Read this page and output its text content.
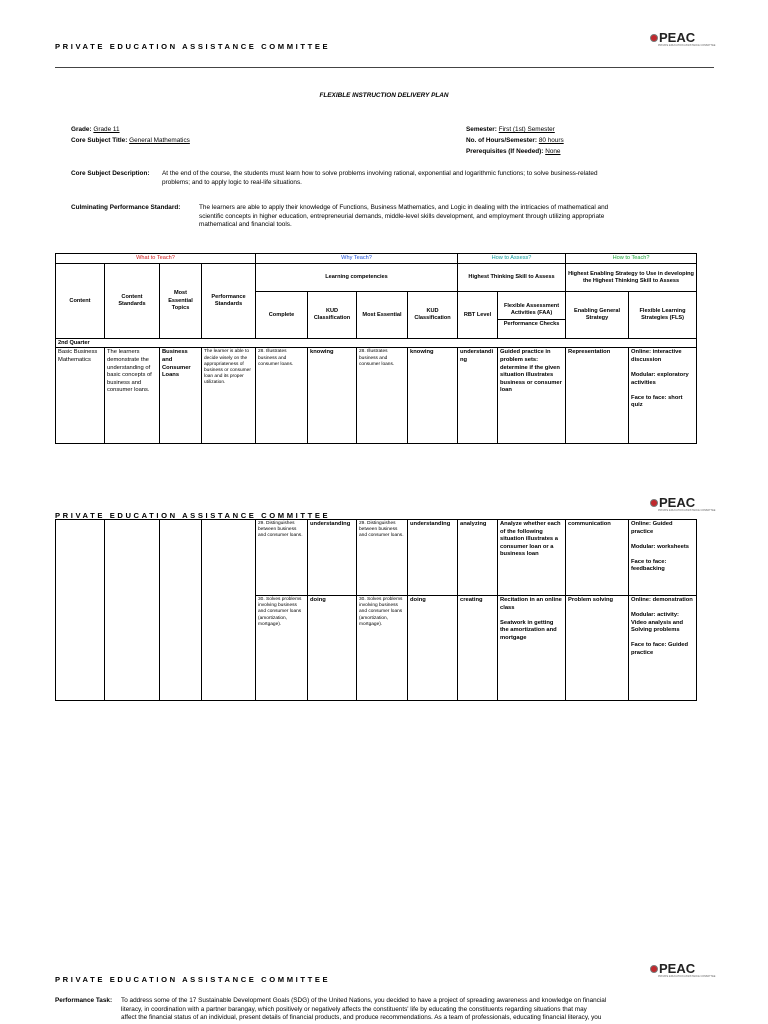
PRIVATE EDUCATION ASSISTANCE COMMITTEE
PEAC
PRIVATE EDUCATION ASSISTANCE COMMITTEE
FLEXIBLE INSTRUCTION DELIVERY PLAN
Grade: Grade 11
Core Subject Title: General Mathematics
Semester: First (1st) Semester
No. of Hours/Semester: 80 hours
Prerequisites (If Needed): None
Core Subject Description: At the end of the course, the students must learn how to solve problems involving rational, exponential and logarithmic functions; to solve business-related
problems; and to apply logic to real-life situations.
Culminating Performance Standard:	The learners are able to apply their knowledge of Functions, Business Mathematics, and Logic in dealing with the intricacies of mathematical and
scientific concepts in higher education, entrepreneurial demands, middle-level skills development, and employment through utilizing appropriate
mathematical and financial tools.
What to Teach?				Why Teach?				How to Assess?		How to Teach?	
Content	Content Standards	Most Essential Topics	Performance Standards	Learning competencies				Highest Thinking Skill to Assess		Highest Enabling Strategy to Use in developing the Highest Thinking Skill to Assess	
				Complete	KUD Classification	Most Essential	KUD Classification	RBT Level	Flexible Assessment Activities (FAA)
Performance Checks	Enabling General Strategy	Flexible Learning Strategies (FLS)
2nd Quarter											
Basic Business Mathematics	The learners demonstrate the understanding of basic concepts of business and consumer loans.	Business and Consumer Loans	The learner is able to decide wisely on the appropriateness of business or consumer loan and its proper utilization.	28. Illustrates business and consumer loans.	knowing	28. Illustrates business and consumer loans.	knowing	understanding	Guided practice in problem sets: determine if the given situation illustrates business or consumer loan	Representation	Online: interactive discussion
Modular: exploratory activities
Face to face: short quiz
PRIVATE EDUCATION ASSISTANCE COMMITTEE
PEAC
PRIVATE EDUCATION ASSISTANCE COMMITTEE
				29. Distinguishes between business and consumer loans.	understanding	29. Distinguishes between business and consumer loans.	understanding	analyzing	Analyze whether each of the following situation illustrates a consumer loan or a business loan	communication	Online: Guided practice
Modular: worksheets
Face to face: feedbacking

				30. Solves problems involving business and consumer loans (amortization, mortgage).	doing	30. Solves problems involving business and consumer loans (amortization, mortgage).	doing	creating	Recitation in an online class
Seatwork in getting the amortization and mortgage	Problem solving	Online: demonstration
Modular: activity: Video analysis and Solving problems
Face to face: Guided practice
PRIVATE EDUCATION ASSISTANCE COMMITTEE
PEAC
PRIVATE EDUCATION ASSISTANCE COMMITTEE
Performance Task: To address some of the 17 Sustainable Development Goals (SDG) of the United Nations, you decided to have a project of spreading awareness and knowledge on financial
literacy, in coordination with a partner barangay, which positively or negatively affects the constituents' life by educating the constituents regarding situations that may
affect the financial status of an individual, present details of financial products, and produce recommendations. As a team of professionals, educating financial literacy, you
